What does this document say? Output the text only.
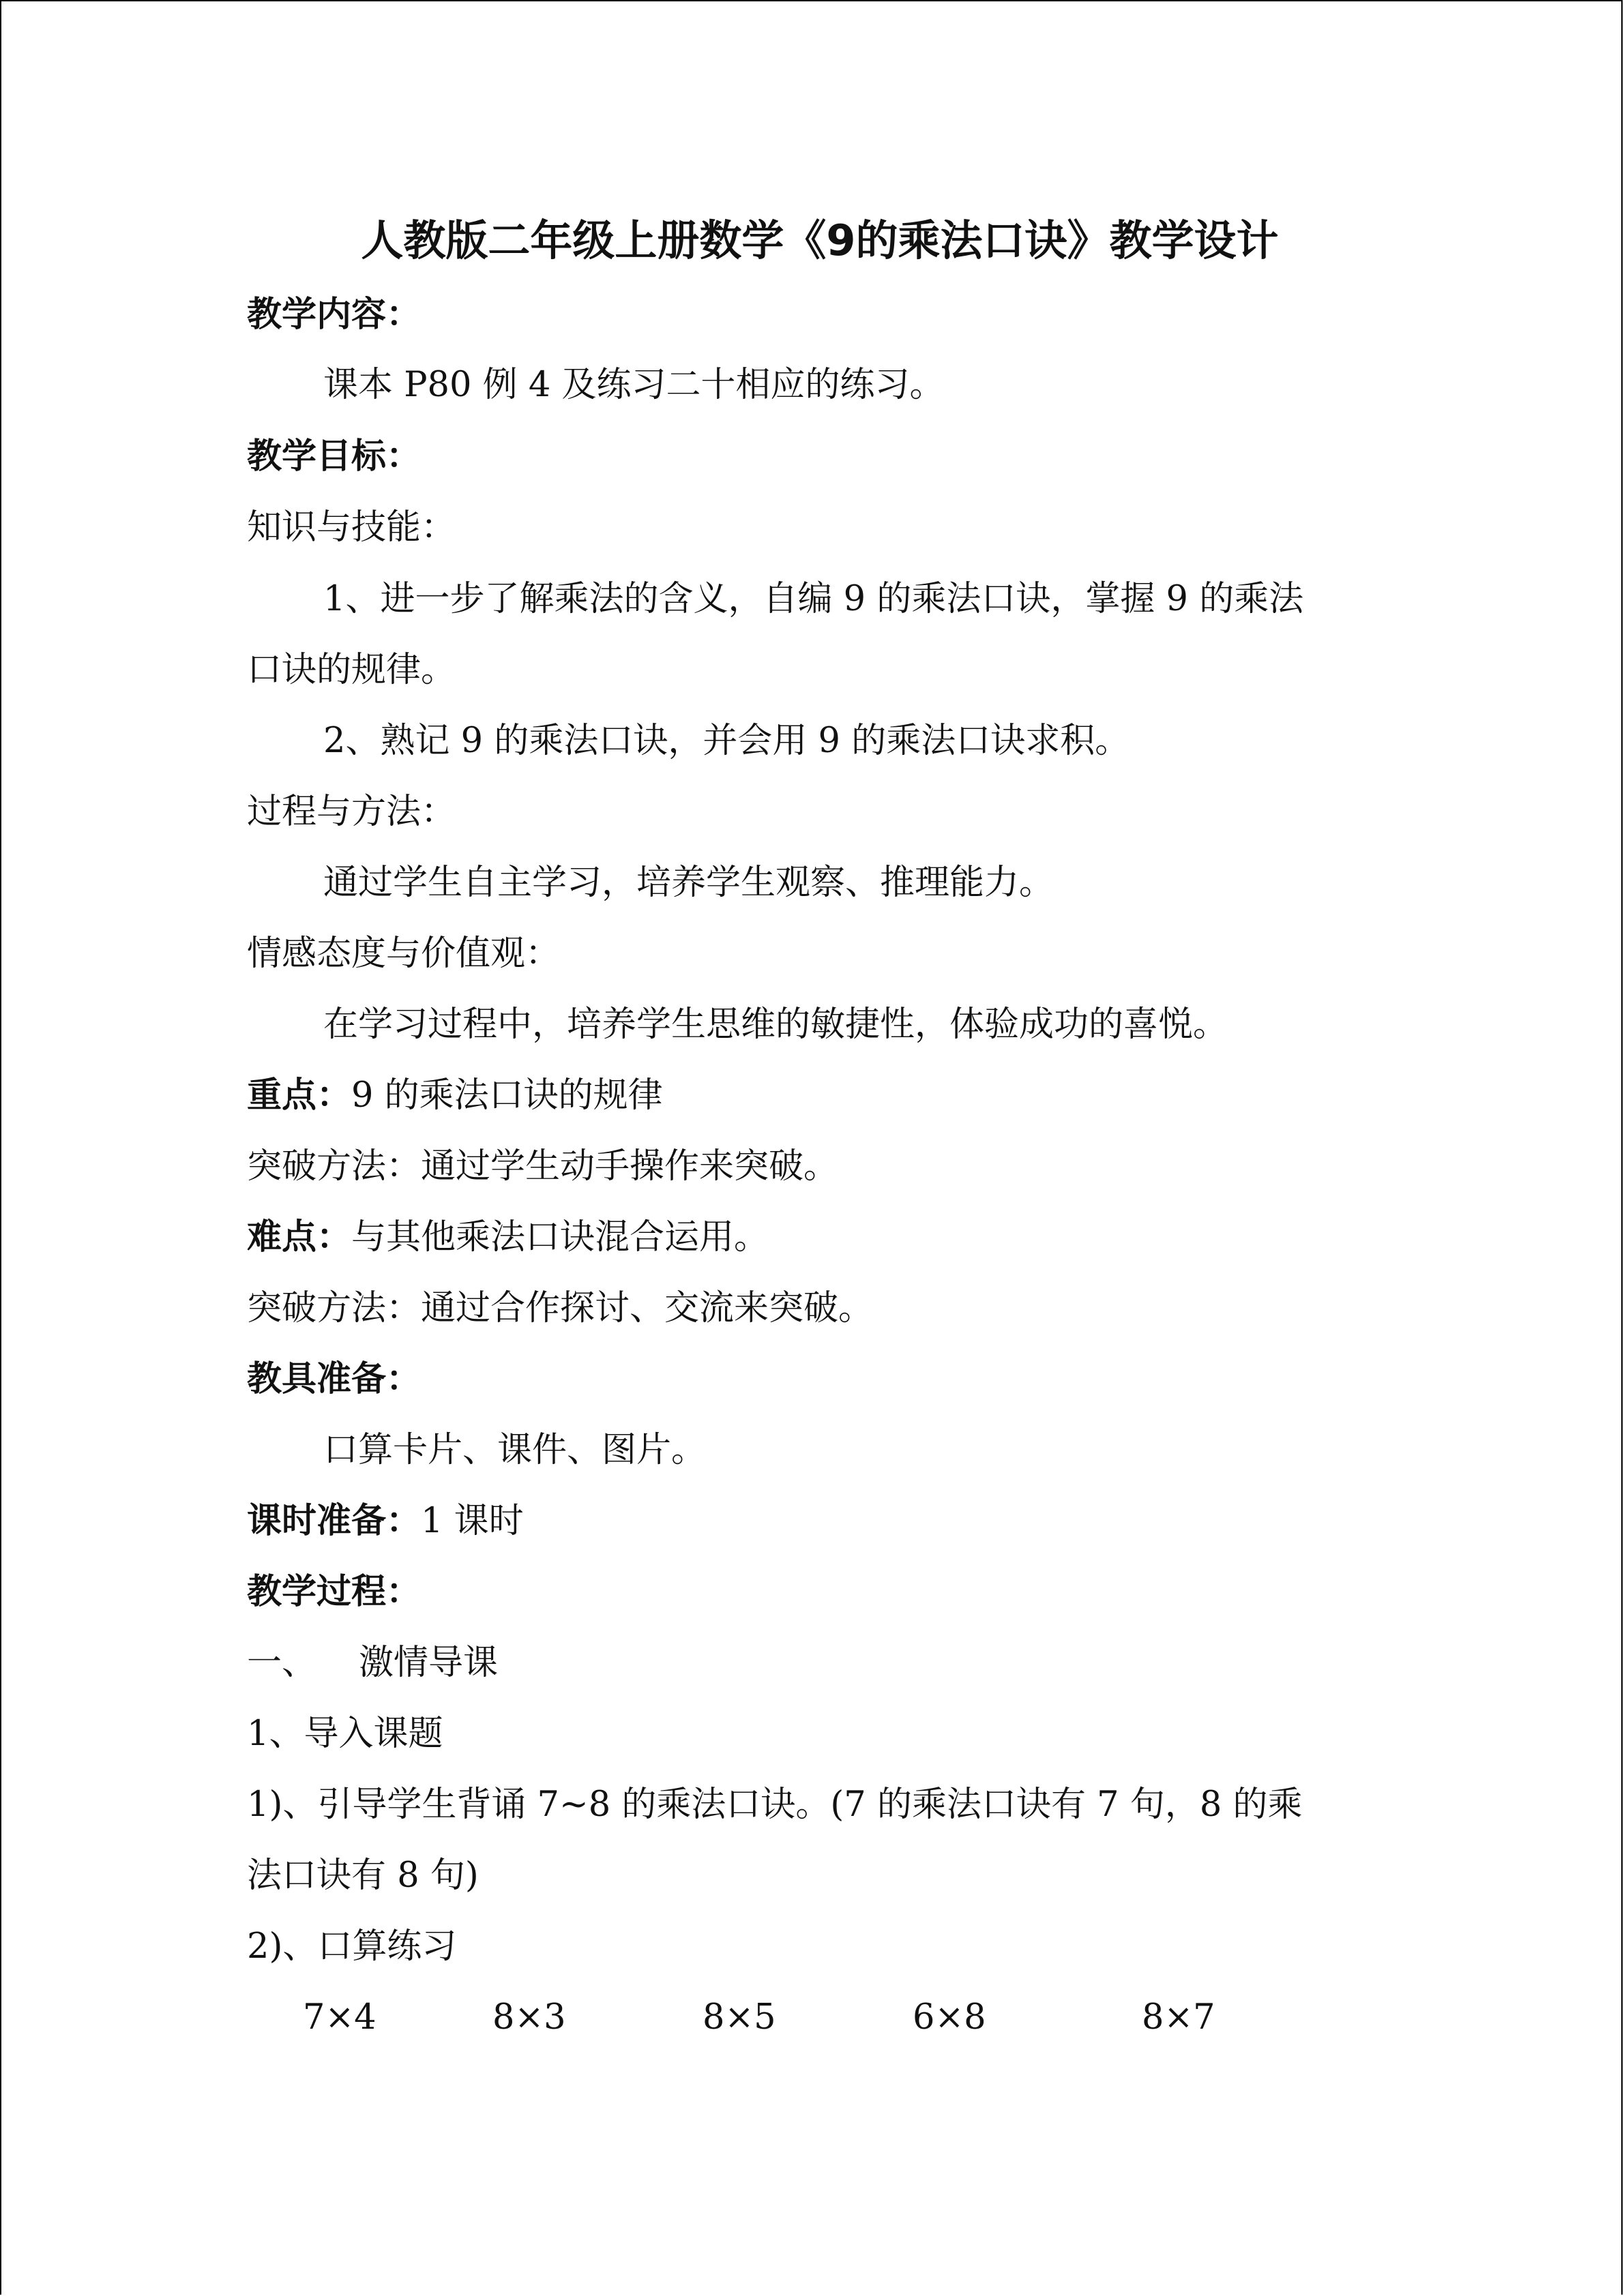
人教版二年级上册数学《9的乘法口诀》教学设计
教学内容：
课本 P80 例 4 及练习二十相应的练习。
教学目标：
知识与技能：
1、进一步了解乘法的含义，自编 9 的乘法口诀，掌握 9 的乘法
口诀的规律。
2、熟记 9 的乘法口诀，并会用 9 的乘法口诀求积。
过程与方法：
通过学生自主学习，培养学生观察、推理能力。
情感态度与价值观：
在学习过程中，培养学生思维的敏捷性，体验成功的喜悦。
重点：9 的乘法口诀的规律
突破方法：通过学生动手操作来突破。
难点：与其他乘法口诀混合运用。
突破方法：通过合作探讨、交流来突破。
教具准备：
口算卡片、课件、图片。
课时准备：1 课时
教学过程：
一、 激情导课
1、导入课题
1)、引导学生背诵 7~8 的乘法口诀。(7 的乘法口诀有 7 句，8 的乘
法口诀有 8 句)
2)、口算练习
7×4	8×3	8×5	6×8	8×7
